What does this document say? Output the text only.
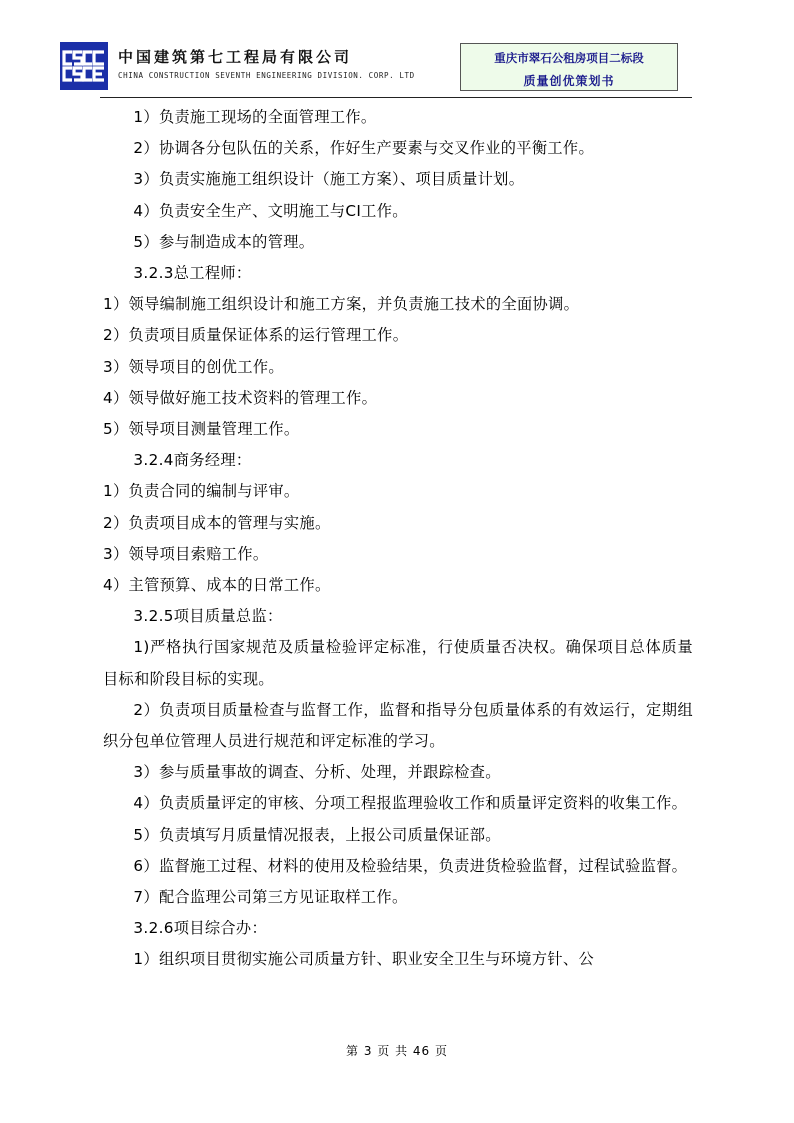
中国建筑第七工程局有限公司
CHINA CONSTRUCTION SEVENTH ENGINEERING DIVISION. CORP. LTD
重庆市翠石公租房项目二标段
质量创优策划书

1）负责施工现场的全面管理工作。

2）协调各分包队伍的关系，作好生产要素与交叉作业的平衡工作。

3）负责实施施工组织设计（施工方案）、项目质量计划。

4）负责安全生产、文明施工与CI工作。

5）参与制造成本的管理。

3.2.3总工程师：

1）领导编制施工组织设计和施工方案，并负责施工技术的全面协调。

2）负责项目质量保证体系的运行管理工作。

3）领导项目的创优工作。

4）领导做好施工技术资料的管理工作。

5）领导项目测量管理工作。

3.2.4商务经理：

1）负责合同的编制与评审。

2）负责项目成本的管理与实施。

3）领导项目索赔工作。

4）主管预算、成本的日常工作。

3.2.5项目质量总监：

1)严格执行国家规范及质量检验评定标准，行使质量否决权。确保项目总体质量目标和阶段目标的实现。

2）负责项目质量检查与监督工作，监督和指导分包质量体系的有效运行，定期组织分包单位管理人员进行规范和评定标准的学习。

3）参与质量事故的调查、分析、处理，并跟踪检查。

4）负责质量评定的审核、分项工程报监理验收工作和质量评定资料的收集工作。

5）负责填写月质量情况报表，上报公司质量保证部。

6）监督施工过程、材料的使用及检验结果，负责进货检验监督，过程试验监督。

7）配合监理公司第三方见证取样工作。

3.2.6项目综合办：

1）组织项目贯彻实施公司质量方针、职业安全卫生与环境方针、公

第 3 页 共 46 页
